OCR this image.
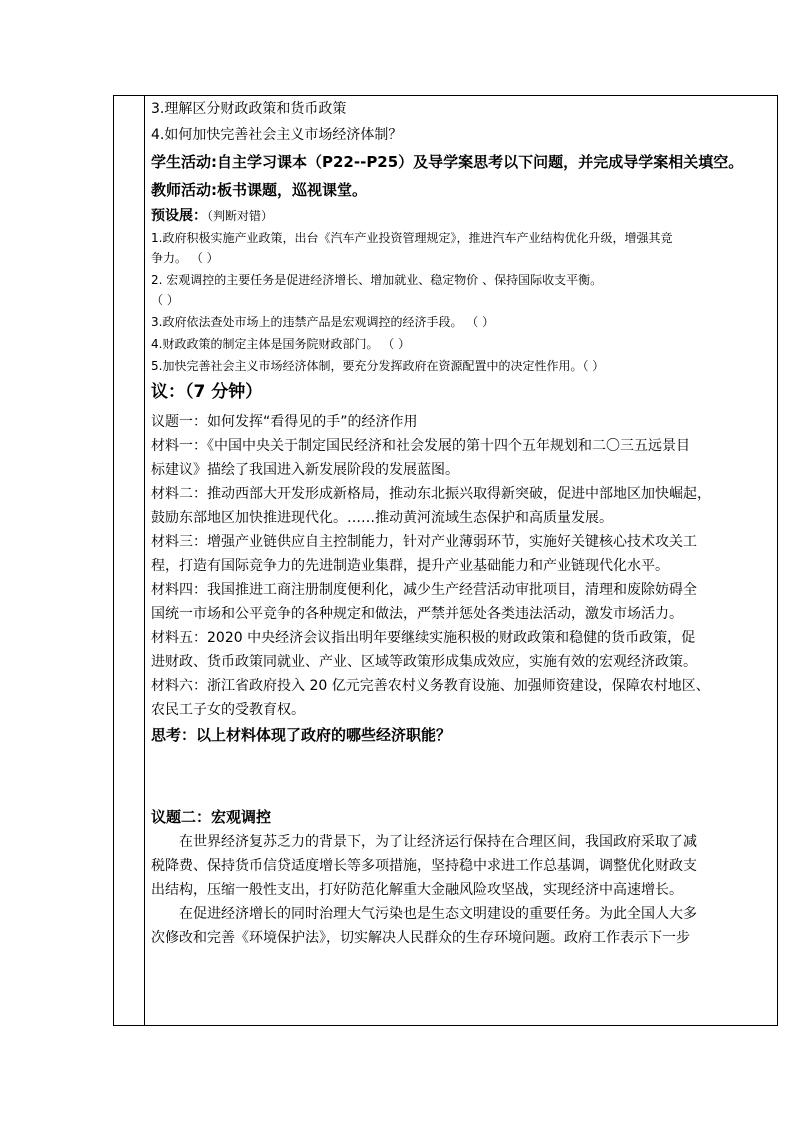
3.理解区分财政政策和货币政策
4.如何加快完善社会主义市场经济体制？
学生活动:自主学习课本（P22--P25）及导学案思考以下问题，并完成导学案相关填空。
教师活动:板书课题，巡视课堂。
预设展：（判断对错）
1.政府积极实施产业政策，出台《汽车产业投资管理规定》，推进汽车产业结构优化升级，增强其竞
争力。 （ ）
2. 宏观调控的主要任务是促进经济增长、增加就业、稳定物价 、保持国际收支平衡。
（ ）
3.政府依法查处市场上的违禁产品是宏观调控的经济手段。 （ ）
4.财政政策的制定主体是国务院财政部门。 （ ）
5.加快完善社会主义市场经济体制，要充分发挥政府在资源配置中的决定性作用。（ ）
议：（7 分钟）
议题一：如何发挥“看得见的手”的经济作用
材料一：《中国中央关于制定国民经济和社会发展的第十四个五年规划和二〇三五远景目
标建议》描绘了我国进入新发展阶段的发展蓝图。
材料二：推动西部大开发形成新格局，推动东北振兴取得新突破，促进中部地区加快崛起，
鼓励东部地区加快推进现代化。……推动黄河流域生态保护和高质量发展。
材料三：增强产业链供应自主控制能力，针对产业薄弱环节，实施好关键核心技术攻关工
程，打造有国际竞争力的先进制造业集群，提升产业基础能力和产业链现代化水平。
材料四：我国推进工商注册制度便利化，减少生产经营活动审批项目，清理和废除妨碍全
国统一市场和公平竞争的各种规定和做法，严禁并惩处各类违法活动，激发市场活力。
材料五：2020 中央经济会议指出明年要继续实施积极的财政政策和稳健的货币政策，促
进财政、货币政策同就业、产业、区域等政策形成集成效应，实施有效的宏观经济政策。
材料六：浙江省政府投入 20 亿元完善农村义务教育设施、加强师资建设，保障农村地区、
农民工子女的受教育权。
思考：以上材料体现了政府的哪些经济职能？
议题二：宏观调控
在世界经济复苏乏力的背景下，为了让经济运行保持在合理区间，我国政府采取了减
税降费、保持货币信贷适度增长等多项措施，坚持稳中求进工作总基调，调整优化财政支
出结构，压缩一般性支出，打好防范化解重大金融风险攻坚战，实现经济中高速增长。
在促进经济增长的同时治理大气污染也是生态文明建设的重要任务。为此全国人大多
次修改和完善《环境保护法》，切实解决人民群众的生存环境问题。政府工作表示下一步
